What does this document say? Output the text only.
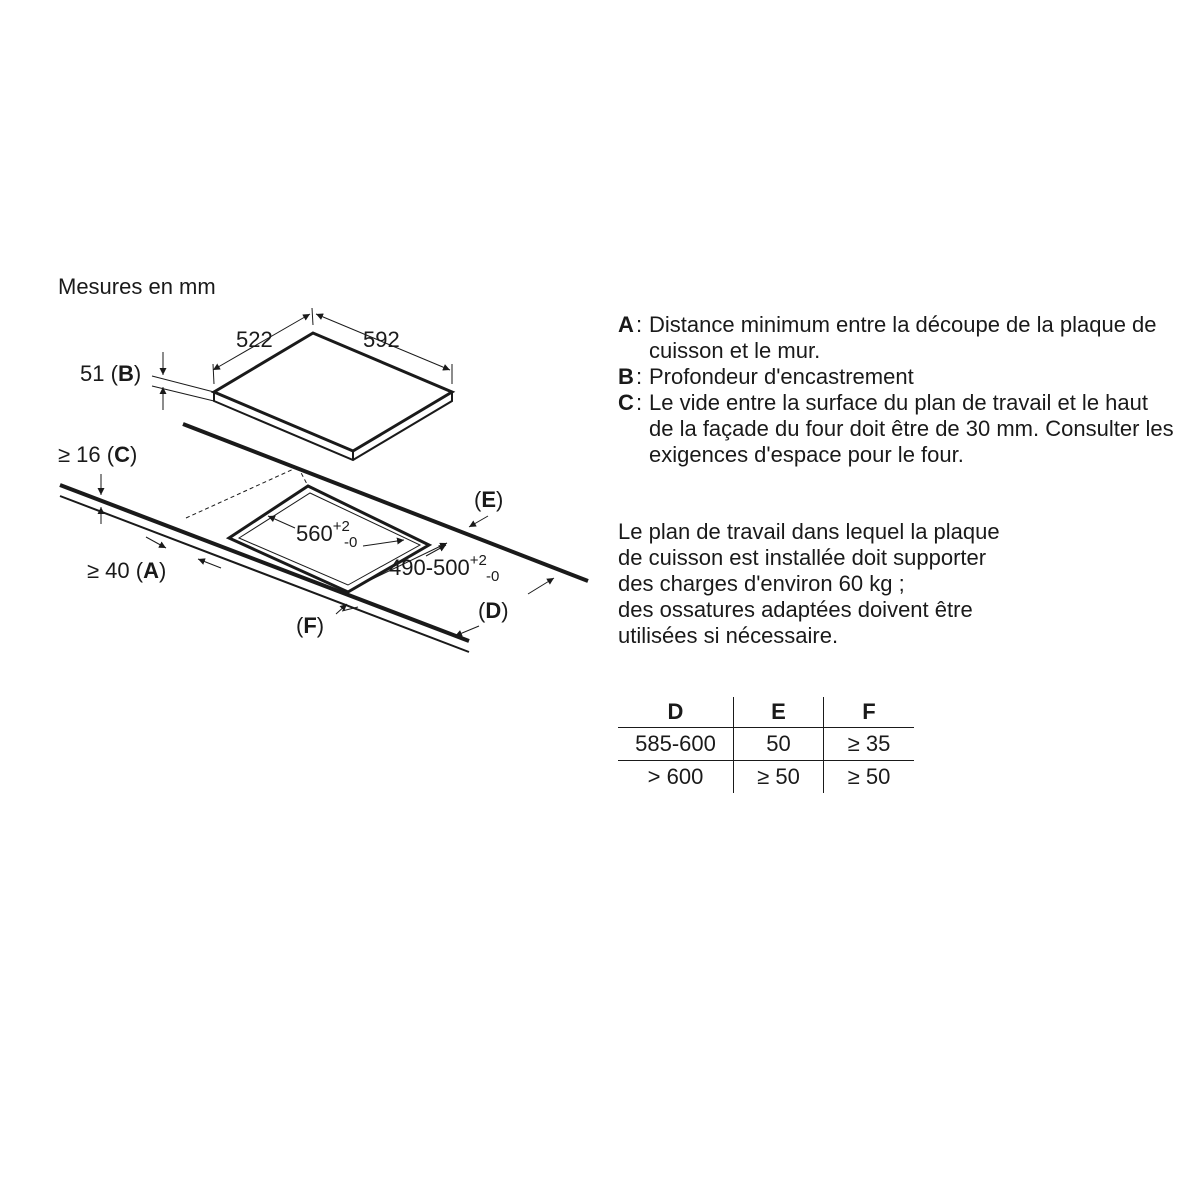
Mesures en mm
522	592
51 (B)
$560^{+2}$
-0
$490-500^{+2}$
-0
≥ 16 (C)
≥ 40 (A)
(E)
(D)
(F)
A : Distance minimum entre la découpe de la plaque de cuisson et le mur.
B : Profondeur d'encastrement
C : Le vide entre la surface du plan de travail et le haut de la façade du four doit être de 30 mm. Consulter les exigences d'espace pour le four.
Le plan de travail dans lequel la plaque
de cuisson est installée doit supporter
des charges d'environ 60 kg ;
des ossatures adaptées doivent être
utilisées si nécessaire.
D	E	F
585-600	50	≥ 35
> 600	≥ 50	≥ 50
